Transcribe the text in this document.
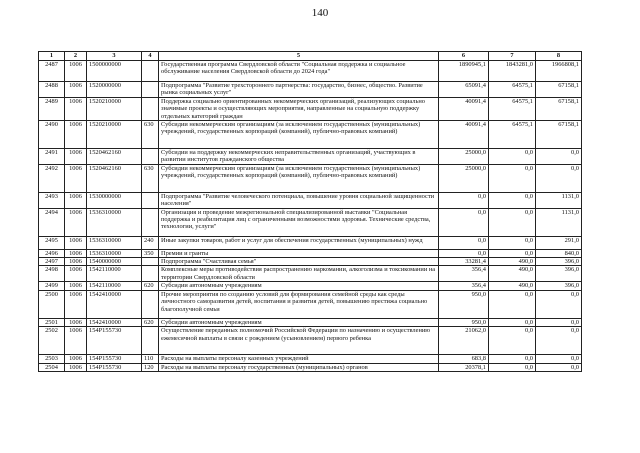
140
1	2	3	4	5	6	7	8
2487	1006	1500000000		Государственная программа Свердловской области "Социальная поддержка и социальное обслуживание населения Свердловской области до 2024 года"	1890945,1	1843281,0	1966808,1
2488	1006	1520000000		Подпрограмма "Развитие трехстороннего партнерства: государство, бизнес, общество. Развитие рынка социальных услуг"	65091,4	64575,1	67158,1
2489	1006	1520210000		Поддержка социально ориентированных некоммерческих организаций, реализующих социально значимые проекты и осуществляющих мероприятия, направленные на социальную поддержку отдельных категорий граждан	40091,4	64575,1	67158,1
2490	1006	1520210000	630	Субсидии некоммерческим организациям (за исключением государственных (муниципальных) учреждений, государственных корпораций (компаний), публично-правовых компаний)	40091,4	64575,1	67158,1
2491	1006	1520462160		Субсидии на поддержку некоммерческих неправительственных организаций, участвующих в развитии институтов гражданского общества	25000,0	0,0	0,0
2492	1006	1520462160	630	Субсидии некоммерческим организациям (за исключением государственных (муниципальных) учреждений, государственных корпораций (компаний), публично-правовых компаний)	25000,0	0,0	0,0
2493	1006	1530000000		Подпрограмма "Развитие человеческого потенциала, повышение уровня социальной защищенности населения"	0,0	0,0	1131,0
2494	1006	1536310000		Организация и проведение межрегиональной специализированной выставки "Социальная поддержка и реабилитация лиц с ограниченными возможностями здоровья. Технические средства, технологии, услуги"	0,0	0,0	1131,0
2495	1006	1536310000	240	Иные закупки товаров, работ и услуг для обеспечения государственных (муниципальных) нужд	0,0	0,0	291,0
2496	1006	1536310000	350	Премии и гранты	0,0	0,0	840,0
2497	1006	1540000000		Подпрограмма "Счастливая семья"	33281,4	490,0	396,0
2498	1006	1542110000		Комплексные меры противодействия распространению наркомании, алкоголизма и токсикомании на территории Свердловской области	356,4	490,0	396,0
2499	1006	1542110000	620	Субсидии автономным учреждениям	356,4	490,0	396,0
2500	1006	1542410000		Прочие мероприятия по созданию условий для формирования семейной среды как среды личностного саморазвития детей, воспитания и развития детей, повышению престижа социально благополучной семьи	950,0	0,0	0,0
2501	1006	1542410000	620	Субсидии автономным учреждениям	950,0	0,0	0,0
2502	1006	154P155730		Осуществление переданных полномочий Российской Федерации по назначению и осуществлению ежемесячной выплаты в связи с рождением (усыновлением) первого ребенка	21062,0	0,0	0,0
2503	1006	154P155730	110	Расходы на выплаты персоналу казенных учреждений	683,8	0,0	0,0
2504	1006	154P155730	120	Расходы на выплаты персоналу государственных (муниципальных) органов	20378,1	0,0	0,0
